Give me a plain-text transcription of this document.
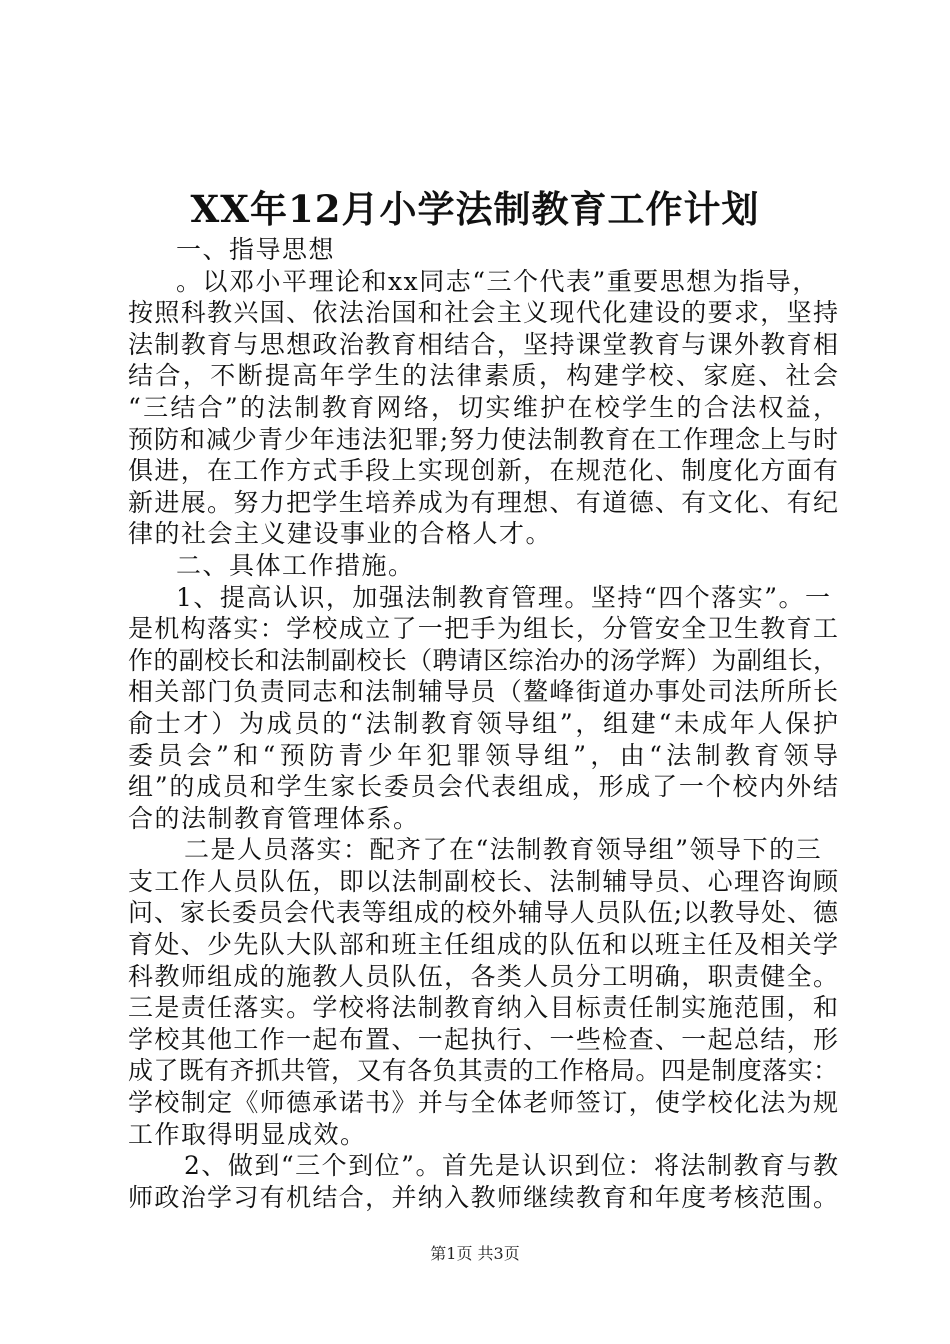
XX年12月小学法制教育工作计划
一、指导思想
。以邓小平理论和xx同志“三个代表”重要思想为指导，
按照科教兴国、依法治国和社会主义现代化建设的要求，坚持
法制教育与思想政治教育相结合，坚持课堂教育与课外教育相
结合，不断提高年学生的法律素质，构建学校、家庭、社会
“三结合”的法制教育网络，切实维护在校学生的合法权益，
预防和减少青少年违法犯罪;努力使法制教育在工作理念上与时
俱进，在工作方式手段上实现创新，在规范化、制度化方面有
新进展。努力把学生培养成为有理想、有道德、有文化、有纪
律的社会主义建设事业的合格人才。
二、具体工作措施。
1、提高认识，加强法制教育管理。坚持“四个落实”。一
是机构落实：学校成立了一把手为组长，分管安全卫生教育工
作的副校长和法制副校长（聘请区综治办的汤学辉）为副组长，
相关部门负责同志和法制辅导员（鳌峰街道办事处司法所所长
俞士才）为成员的“法制教育领导组”，组建“未成年人保护
委员会”和“预防青少年犯罪领导组”，由“法制教育领导
组”的成员和学生家长委员会代表组成，形成了一个校内外结
合的法制教育管理体系。
二是人员落实：配齐了在“法制教育领导组”领导下的三
支工作人员队伍，即以法制副校长、法制辅导员、心理咨询顾
问、家长委员会代表等组成的校外辅导人员队伍;以教导处、德
育处、少先队大队部和班主任组成的队伍和以班主任及相关学
科教师组成的施教人员队伍，各类人员分工明确，职责健全。
三是责任落实。学校将法制教育纳入目标责任制实施范围，和
学校其他工作一起布置、一起执行、一些检查、一起总结，形
成了既有齐抓共管，又有各负其责的工作格局。四是制度落实：
学校制定《师德承诺书》并与全体老师签订，使学校化法为规
工作取得明显成效。
2、做到“三个到位”。首先是认识到位：将法制教育与教
师政治学习有机结合，并纳入教师继续教育和年度考核范围。
第1页 共3页
